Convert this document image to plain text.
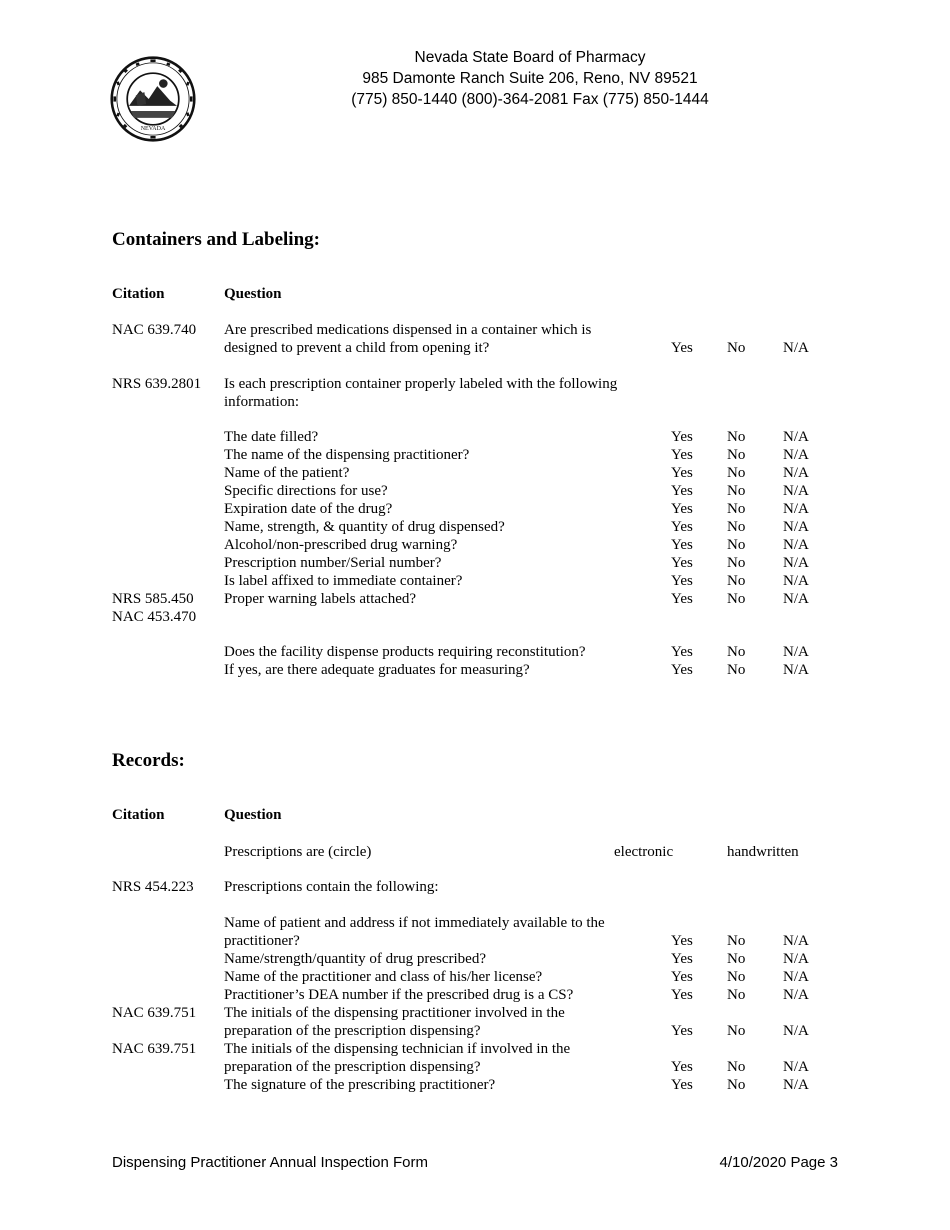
NEVADA
Nevada State Board of Pharmacy
985 Damonte Ranch Suite 206, Reno, NV 89521
(775) 850-1440 (800)-364-2081 Fax (775) 850-1444
Containers and Labeling:
Citation	Question
NAC 639.740 Are prescribed medications dispensed in a container which is
designed to prevent a child from opening it?	Yes No	N/A
NRS 639.2801 Is each prescription container properly labeled with the following
information:
The date filled?	Yes No	N/A
The name of the dispensing practitioner?	Yes No	N/A
Name of the patient?	Yes No	N/A
Specific directions for use?	Yes No	N/A
Expiration date of the drug?	Yes No	N/A
Name, strength, & quantity of drug dispensed?	Yes No	N/A
Alcohol/non-prescribed drug warning?	Yes No	N/A
Prescription number/Serial number?	Yes No	N/A
Is label affixed to immediate container?	Yes No	N/A
NRS 585.450
NAC 453.470
Proper warning labels attached?	Yes No	N/A
Does the facility dispense products requiring reconstitution?	Yes No	N/A
If yes, are there adequate graduates for measuring?	Yes No	N/A
Records:
Citation	Question
Prescriptions are (circle)	electronic	handwritten
NRS 454.223 Prescriptions contain the following:
Name of patient and address if not immediately available to the
practitioner?	Yes No	N/A
Name/strength/quantity of drug prescribed?	Yes No	N/A
Name of the practitioner and class of his/her license?	Yes No	N/A
Practitioner’s DEA number if the prescribed drug is a CS?	Yes No	N/A
NAC 639.751 The initials of the dispensing practitioner involved in the
preparation of the prescription dispensing?	Yes No	N/A
NAC 639.751 The initials of the dispensing technician if involved in the
preparation of the prescription dispensing?	Yes No	N/A
The signature of the prescribing practitioner?	Yes No	N/A
Dispensing Practitioner Annual Inspection Form	4/10/2020 Page 3
